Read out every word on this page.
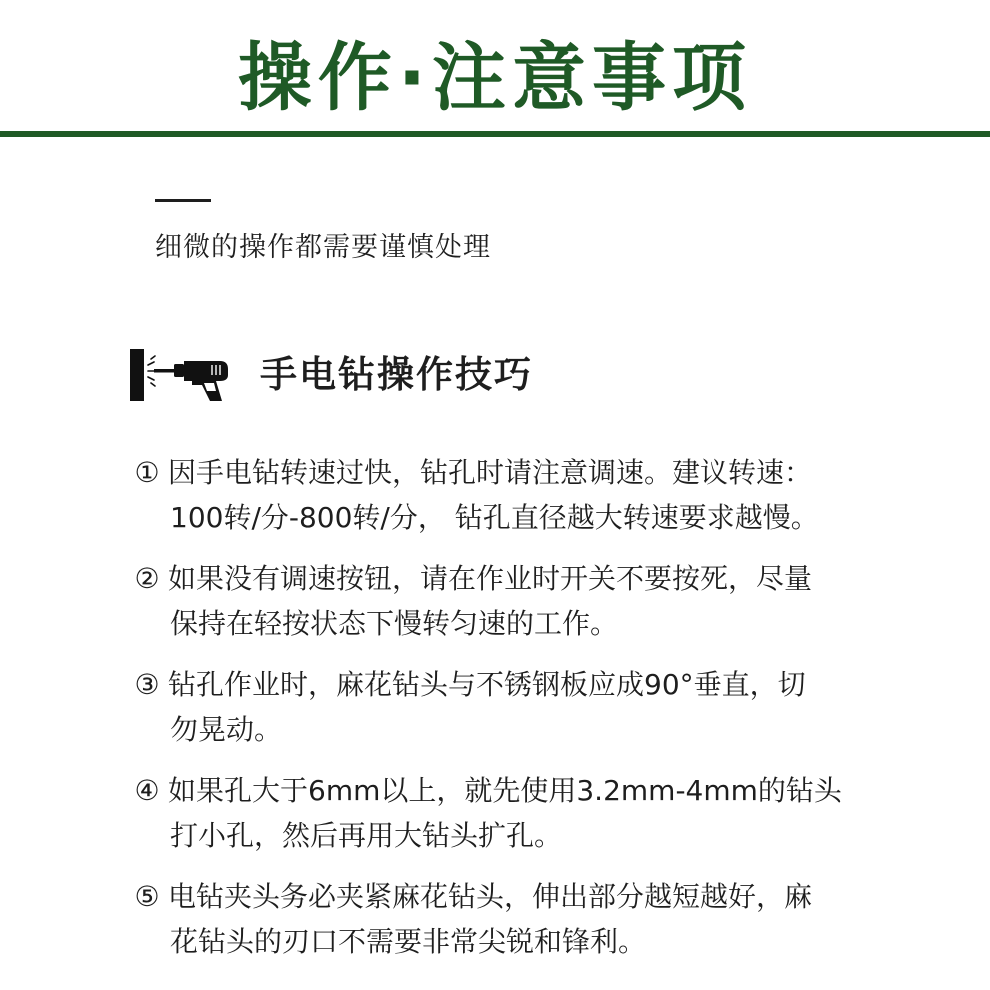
操作·注意事项
细微的操作都需要谨慎处理
手电钻操作技巧
① 因手电钻转速过快，钻孔时请注意调速。建议转速：
100转/分-800转/分， 钻孔直径越大转速要求越慢。
② 如果没有调速按钮，请在作业时开关不要按死，尽量
保持在轻按状态下慢转匀速的工作。
③ 钻孔作业时，麻花钻头与不锈钢板应成90°垂直，切
勿晃动。
④ 如果孔大于6mm以上，就先使用3.2mm-4mm的钻头
打小孔，然后再用大钻头扩孔。
⑤ 电钻夹头务必夹紧麻花钻头，伸出部分越短越好，麻
花钻头的刃口不需要非常尖锐和锋利。
